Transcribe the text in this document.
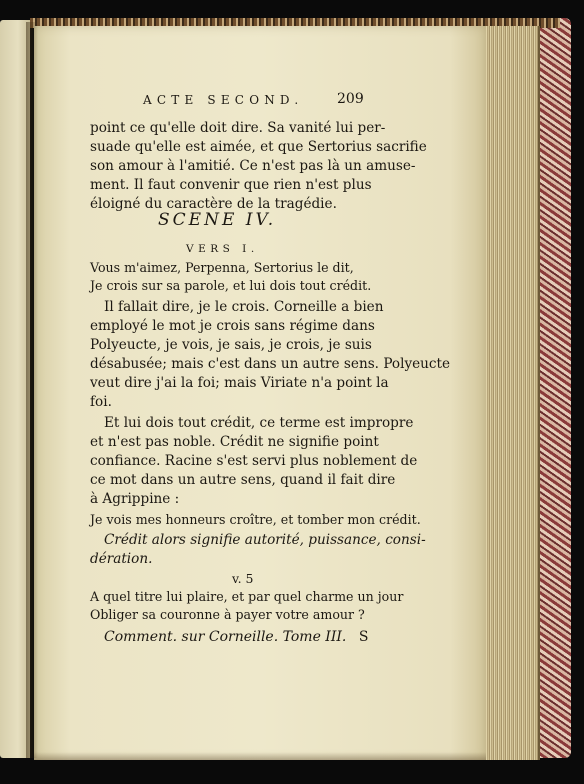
ACTE SECOND. 209
point ce qu'elle doit dire. Sa vanité lui per-
suade qu'elle est aimée, et que Sertorius sacrifie
son amour à l'amitié. Ce n'est pas là un amuse-
ment. Il faut convenir que rien n'est plus
éloigné du caractère de la tragédie.
SCENE IV.
VERS I.
Vous m'aimez, Perpenna, Sertorius le dit,
Je crois sur sa parole, et lui dois tout crédit.
Il fallait dire, je le crois. Corneille a bien
employé le mot je crois sans régime dans
Polyeucte, je vois, je sais, je crois, je suis
désabusée; mais c'est dans un autre sens. Polyeucte
veut dire j'ai la foi; mais Viriate n'a point la
foi.
Et lui dois tout crédit, ce terme est impropre
et n'est pas noble. Crédit ne signifie point
confiance. Racine s'est servi plus noblement de
ce mot dans un autre sens, quand il fait dire
à Agrippine :
Je vois mes honneurs croître, et tomber mon crédit.
Crédit alors signifie autorité, puissance, consi-
dération.
v. 5
A quel titre lui plaire, et par quel charme un jour
Obliger sa couronne à payer votre amour ?
Comment. sur Corneille. Tome III. S
